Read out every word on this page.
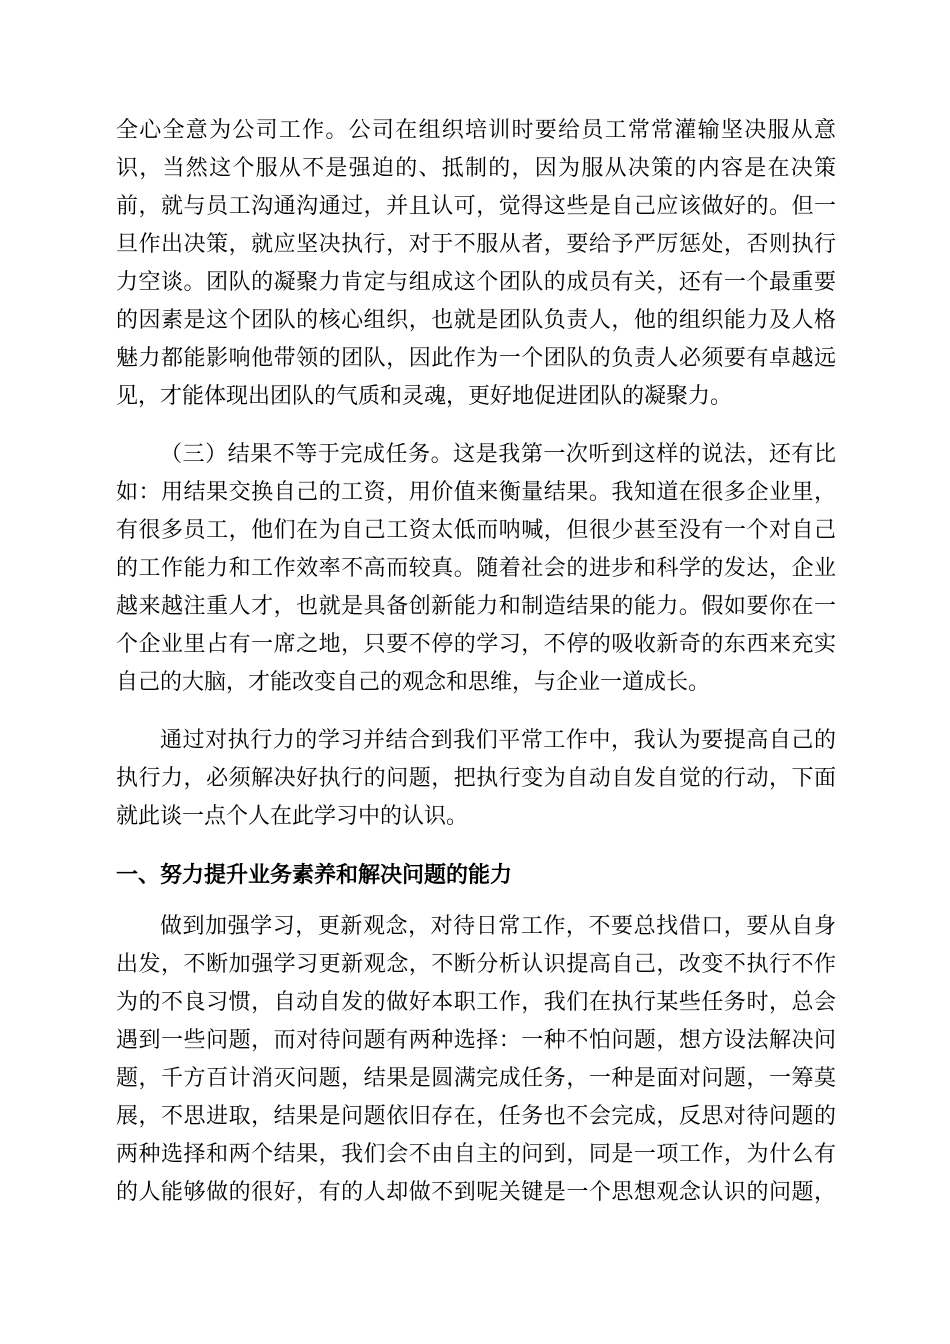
全心全意为公司工作。公司在组织培训时要给员工常常灌输坚决服从意
识，当然这个服从不是强迫的、抵制的，因为服从决策的内容是在决策
前，就与员工沟通沟通过，并且认可，觉得这些是自己应该做好的。但一
旦作出决策，就应坚决执行，对于不服从者，要给予严厉惩处，否则执行
力空谈。团队的凝聚力肯定与组成这个团队的成员有关，还有一个最重要
的因素是这个团队的核心组织，也就是团队负责人，他的组织能力及人格
魅力都能影响他带领的团队，因此作为一个团队的负责人必须要有卓越远
见，才能体现出团队的气质和灵魂，更好地促进团队的凝聚力。
（三）结果不等于完成任务。这是我第一次听到这样的说法，还有比
如：用结果交换自己的工资，用价值来衡量结果。我知道在很多企业里，
有很多员工，他们在为自己工资太低而呐喊，但很少甚至没有一个对自己
的工作能力和工作效率不高而较真。随着社会的进步和科学的发达，企业
越来越注重人才，也就是具备创新能力和制造结果的能力。假如要你在一
个企业里占有一席之地，只要不停的学习，不停的吸收新奇的东西来充实
自己的大脑，才能改变自己的观念和思维，与企业一道成长。
通过对执行力的学习并结合到我们平常工作中，我认为要提高自己的
执行力，必须解决好执行的问题，把执行变为自动自发自觉的行动，下面
就此谈一点个人在此学习中的认识。
一、努力提升业务素养和解决问题的能力
做到加强学习，更新观念，对待日常工作，不要总找借口，要从自身
出发，不断加强学习更新观念，不断分析认识提高自己，改变不执行不作
为的不良习惯，自动自发的做好本职工作，我们在执行某些任务时，总会
遇到一些问题，而对待问题有两种选择：一种不怕问题，想方设法解决问
题，千方百计消灭问题，结果是圆满完成任务，一种是面对问题，一筹莫
展，不思进取，结果是问题依旧存在，任务也不会完成，反思对待问题的
两种选择和两个结果，我们会不由自主的问到，同是一项工作，为什么有
的人能够做的很好，有的人却做不到呢关键是一个思想观念认识的问题，
